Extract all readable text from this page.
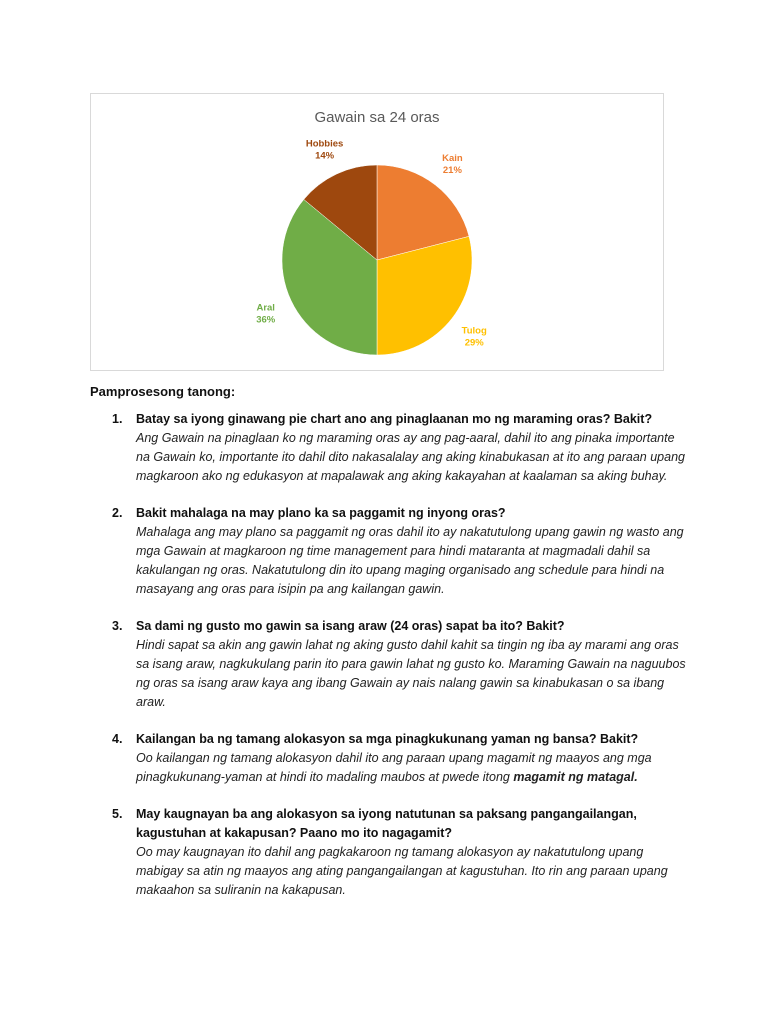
Gawain sa 24 oras
Kain
21%
Tulog
29%
Aral
36%
Hobbies
14%
Pamprosesong tanong:
1. Batay sa iyong ginawang pie chart ano ang pinaglaanan mo ng maraming oras? Bakit?
Ang Gawain na pinaglaan ko ng maraming oras ay ang pag-aaral, dahil ito ang pinaka importante na Gawain ko, importante ito dahil dito nakasalalay ang aking kinabukasan at ito ang paraan upang magkaroon ako ng edukasyon at mapalawak ang aking kakayahan at kaalaman sa aking buhay.
2. Bakit mahalaga na may plano ka sa paggamit ng inyong oras?
Mahalaga ang may plano sa paggamit ng oras dahil ito ay nakatutulong upang gawin ng wasto ang mga Gawain at magkaroon ng time management para hindi mataranta at magmadali dahil sa kakulangan ng oras. Nakatutulong din ito upang maging organisado ang schedule para hindi na masayang ang oras para isipin pa ang kailangan gawin.
3. Sa dami ng gusto mo gawin sa isang araw (24 oras) sapat ba ito? Bakit?
Hindi sapat sa akin ang gawin lahat ng aking gusto dahil kahit sa tingin ng iba ay marami ang oras sa isang araw, nagkukulang parin ito para gawin lahat ng gusto ko. Maraming Gawain na naguubos ng oras sa isang araw kaya ang ibang Gawain ay nais nalang gawin sa kinabukasan o sa ibang araw.
4. Kailangan ba ng tamang alokasyon sa mga pinagkukunang yaman ng bansa? Bakit?
Oo kailangan ng tamang alokasyon dahil ito ang paraan upang magamit ng maayos ang mga pinagkukunang-yaman at hindi ito madaling maubos at pwede itong magamit ng matagal.
5. May kaugnayan ba ang alokasyon sa iyong natutunan sa paksang pangangailangan, kagustuhan at kakapusan? Paano mo ito nagagamit?
Oo may kaugnayan ito dahil ang pagkakaroon ng tamang alokasyon ay nakatutulong upang mabigay sa atin ng maayos ang ating pangangailangan at kagustuhan. Ito rin ang paraan upang makaahon sa suliranin na kakapusan.
